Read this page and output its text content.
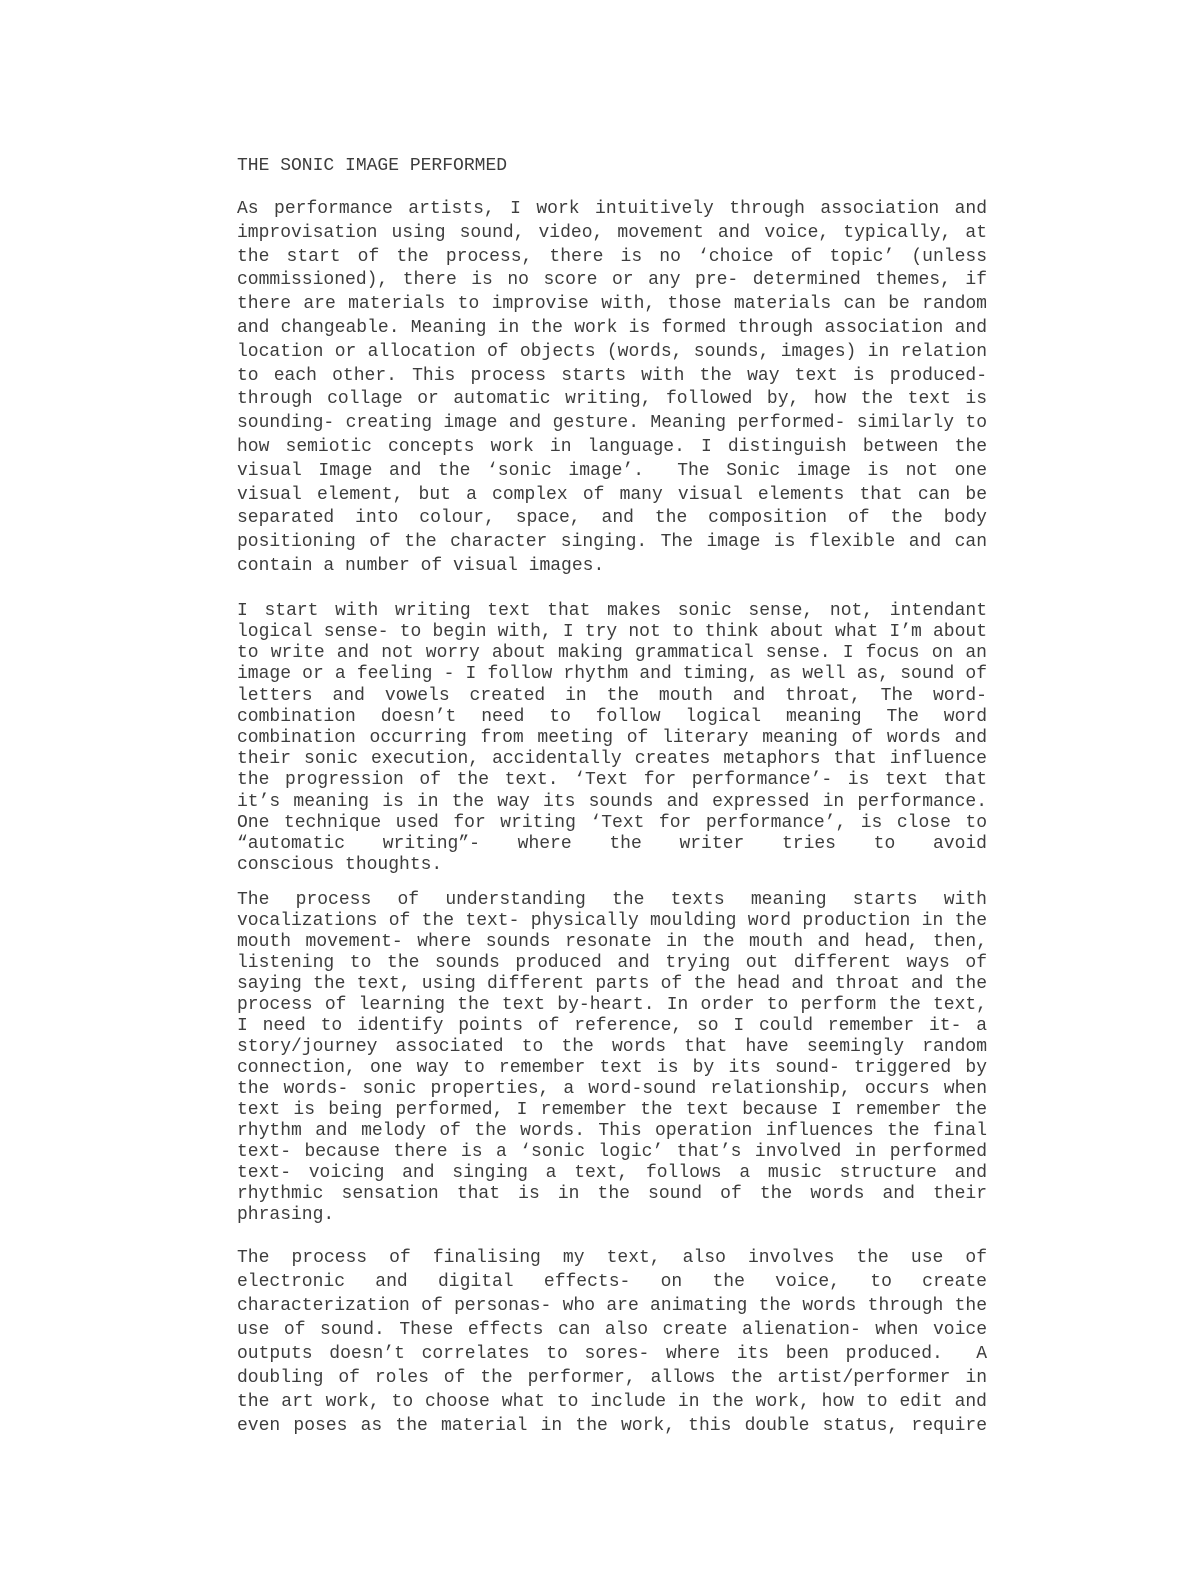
THE SONIC IMAGE PERFORMED
As performance artists, I work intuitively through association and
improvisation using sound, video, movement and voice, typically, at
the start of the process, there is no ‘choice of topic’ (unless
commissioned), there is no score or any pre- determined themes, if
there are materials to improvise with, those materials can be random
and changeable. Meaning in the work is formed through association and
location or allocation of objects (words, sounds, images) in relation
to each other. This process starts with the way text is produced-
through collage or automatic writing, followed by, how the text is
sounding- creating image and gesture. Meaning performed- similarly to
how semiotic concepts work in language. I distinguish between the
visual Image and the ‘sonic image’.  The Sonic image is not one
visual element, but a complex of many visual elements that can be
separated into colour, space, and the composition of the body
positioning of the character singing. The image is flexible and can
contain a number of visual images.
I start with writing text that makes sonic sense, not, intendant
logical sense- to begin with, I try not to think about what I’m about
to write and not worry about making grammatical sense. I focus on an
image or a feeling - I follow rhythm and timing, as well as, sound of
letters and vowels created in the mouth and throat, The word-
combination doesn’t need to follow logical meaning The word
combination occurring from meeting of literary meaning of words and
their sonic execution, accidentally creates metaphors that influence
the progression of the text. ‘Text for performance’- is text that
it’s meaning is in the way its sounds and expressed in performance.
One technique used for writing ‘Text for performance’, is close to
“automatic writing”- where the writer tries to avoid
conscious thoughts.
The process of understanding the texts meaning starts with
vocalizations of the text- physically moulding word production in the
mouth movement- where sounds resonate in the mouth and head, then,
listening to the sounds produced and trying out different ways of
saying the text, using different parts of the head and throat and the
process of learning the text by-heart. In order to perform the text,
I need to identify points of reference, so I could remember it- a
story/journey associated to the words that have seemingly random
connection, one way to remember text is by its sound- triggered by
the words- sonic properties, a word-sound relationship, occurs when
text is being performed, I remember the text because I remember the
rhythm and melody of the words. This operation influences the final
text- because there is a ‘sonic logic’ that’s involved in performed
text- voicing and singing a text, follows a music structure and
rhythmic sensation that is in the sound of the words and their
phrasing.
The process of finalising my text, also involves the use of
electronic and digital effects- on the voice, to create
characterization of personas- who are animating the words through the
use of sound. These effects can also create alienation- when voice
outputs doesn’t correlates to sores- where its been produced.  A
doubling of roles of the performer, allows the artist/performer in
the art work, to choose what to include in the work, how to edit and
even poses as the material in the work, this double status, require
